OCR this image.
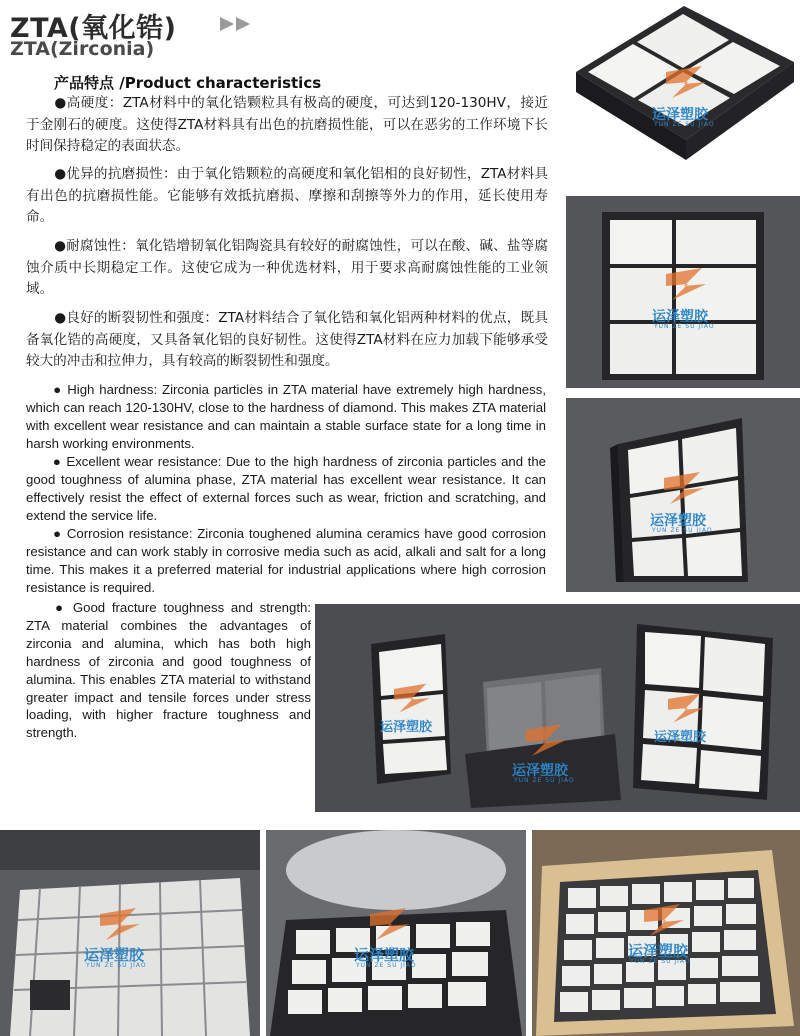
ZTA(氧化锆)
ZTA(Zirconia)
产品特点 /Product characteristics
●高硬度：ZTA材料中的氧化锆颗粒具有极高的硬度，可达到120-130HV，接近于金刚石的硬度。这使得ZTA材料具有出色的抗磨损性能，可以在恶劣的工作环境下长时间保持稳定的表面状态。
●优异的抗磨损性：由于氧化锆颗粒的高硬度和氧化铝相的良好韧性，ZTA材料具有出色的抗磨损性能。它能够有效抵抗磨损、摩擦和刮擦等外力的作用，延长使用寿命。
●耐腐蚀性：氧化锆增韧氧化铝陶瓷具有较好的耐腐蚀性，可以在酸、碱、盐等腐蚀介质中长期稳定工作。这使它成为一种优选材料，用于要求高耐腐蚀性能的工业领域。
●良好的断裂韧性和强度：ZTA材料结合了氧化锆和氧化铝两种材料的优点，既具备氧化锆的高硬度，又具备氧化铝的良好韧性。这使得ZTA材料在应力加载下能够承受较大的冲击和拉伸力，具有较高的断裂韧性和强度。
● High hardness: Zirconia particles in ZTA material have extremely high hardness, which can reach 120-130HV, close to the hardness of diamond. This makes ZTA material with excellent wear resistance and can maintain a stable surface state for a long time in harsh working environments.
● Excellent wear resistance: Due to the high hardness of zirconia particles and the good toughness of alumina phase, ZTA material has excellent wear resistance. It can effectively resist the effect of external forces such as wear, friction and scratching, and extend the service life.
● Corrosion resistance: Zirconia toughened alumina ceramics have good corrosion resistance and can work stably in corrosive media such as acid, alkali and salt for a long time. This makes it a preferred material for industrial applications where high corrosion resistance is required.
● Good fracture toughness and strength: ZTA material combines the advantages of zirconia and alumina, which has both high hardness of zirconia and good toughness of alumina. This enables ZTA material to withstand greater impact and tensile forces under stress loading, with higher fracture toughness and strength.
运泽塑胶
YUN ZE SU JIAO
运泽塑胶
YUN ZE SU JIAO
运泽塑胶
YUN ZE SU JIAO
运泽塑胶
运泽塑胶
YUN ZE SU JIAO
运泽塑胶
运泽塑胶
YUN ZE SU JIAO
运泽塑胶
YUN ZE SU JIAO
运泽塑胶
YUN ZE SU JIAO
